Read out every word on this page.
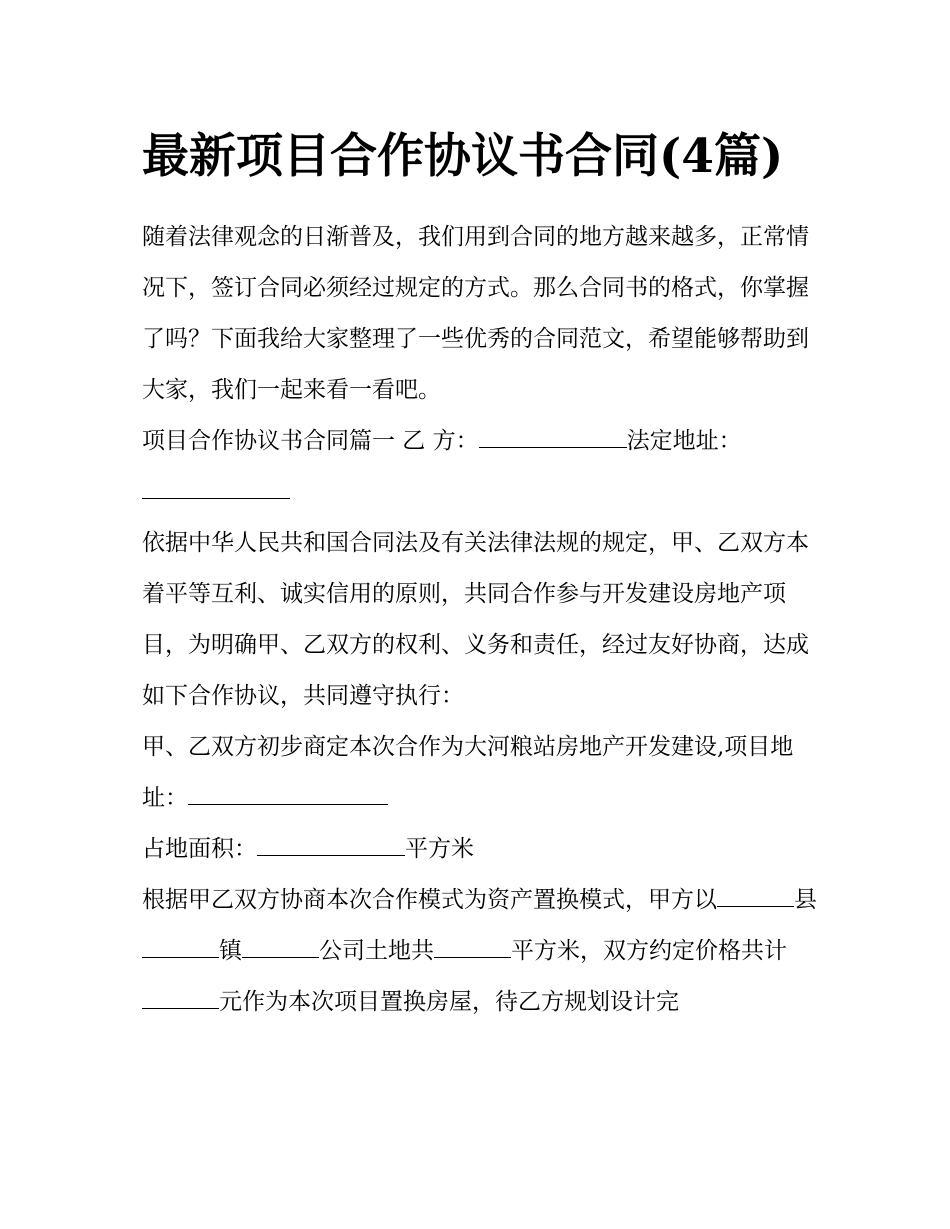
最新项目合作协议书合同(4篇)

随着法律观念的日渐普及，我们用到合同的地方越来越多，正常情况下，签订合同必须经过规定的方式。那么合同书的格式，你掌握了吗？下面我给大家整理了一些优秀的合同范文，希望能够帮助到大家，我们一起来看一看吧。

项目合作协议书合同篇一 乙 方：	法定地址：

依据中华人民共和国合同法及有关法律法规的规定，甲、乙双方本着平等互利、诚实信用的原则，共同合作参与开发建设房地产项目，为明确甲、乙双方的权利、义务和责任，经过友好协商，达成如下合作协议，共同遵守执行：

甲、乙双方初步商定本次合作为大河粮站房地产开发建设,项目地址：

占地面积：	平方米

根据甲乙双方协商本次合作模式为资产置换模式，甲方以	县镇	公司土地共	平方米，双方约定价格共计元作为本次项目置换房屋，待乙方规划设计完
